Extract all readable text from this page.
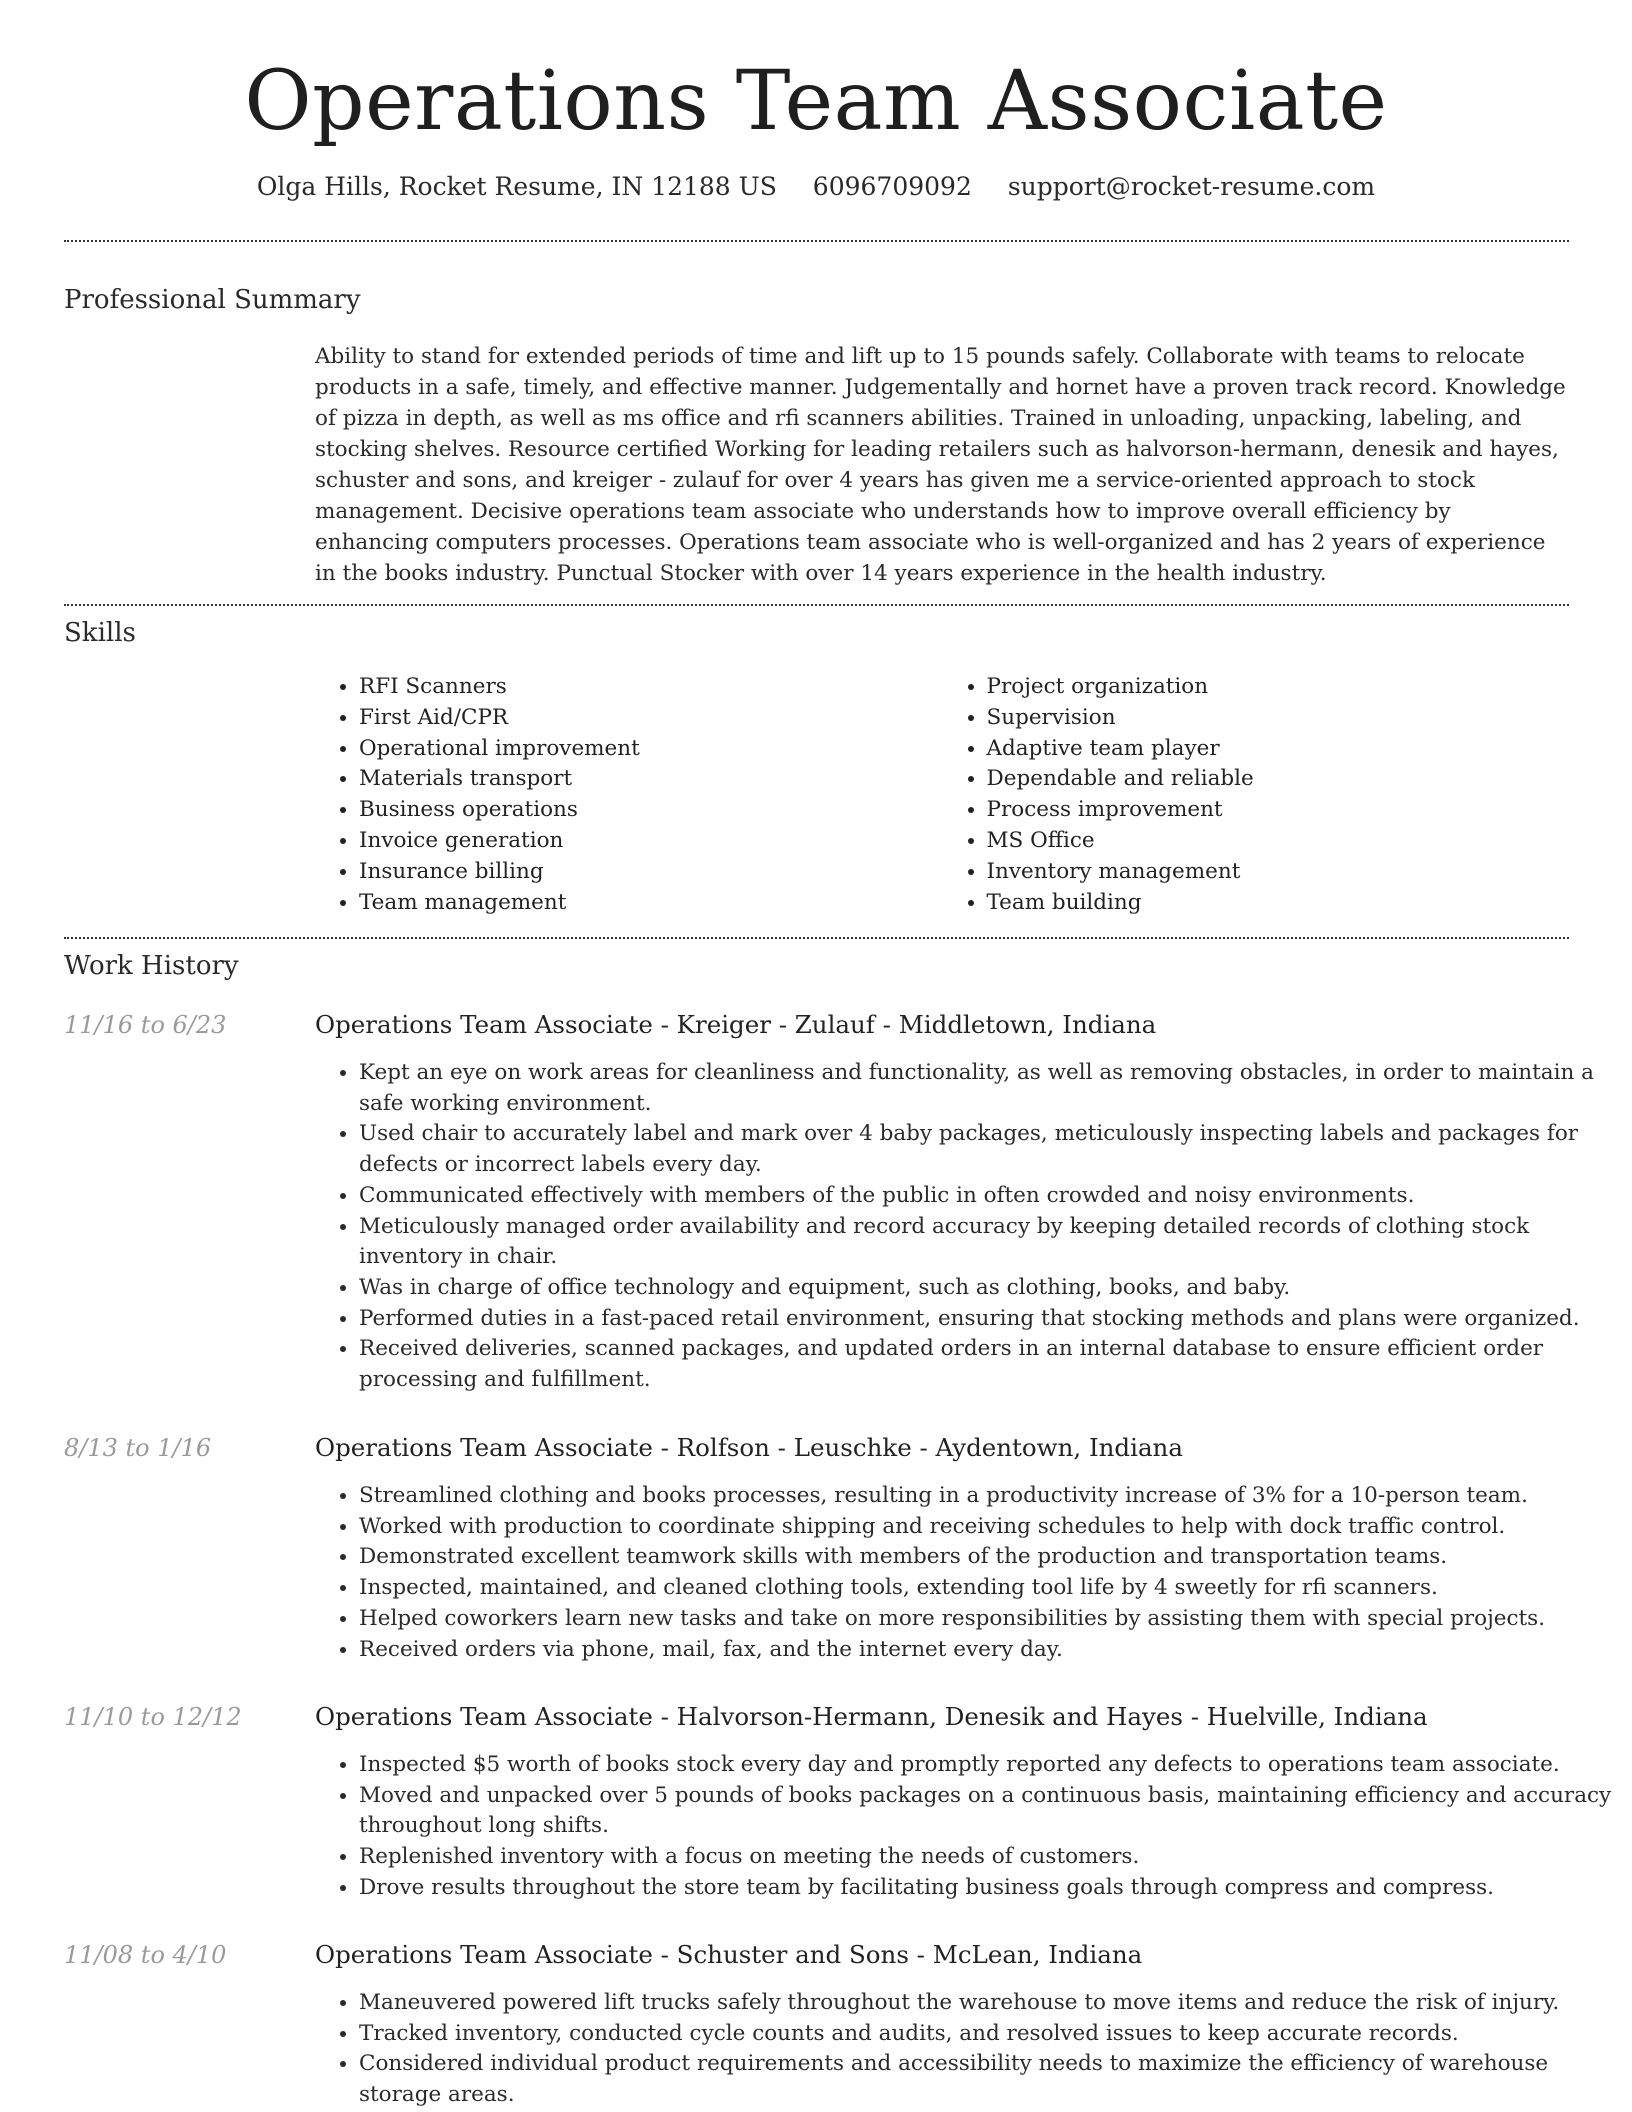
Operations Team Associate
Olga Hills, Rocket Resume, IN 12188 US 6096709092 support@rocket-resume.com
Professional Summary

Ability to stand for extended periods of time and lift up to 15 pounds safely. Collaborate with teams to relocate products in a safe, timely, and effective manner. Judgementally and hornet have a proven track record. Knowledge of pizza in depth, as well as ms office and rfi scanners abilities. Trained in unloading, unpacking, labeling, and stocking shelves. Resource certified Working for leading retailers such as halvorson-hermann, denesik and hayes, schuster and sons, and kreiger - zulauf for over 4 years has given me a service-oriented approach to stock management. Decisive operations team associate who understands how to improve overall efficiency by enhancing computers processes. Operations team associate who is well-organized and has 2 years of experience in the books industry. Punctual Stocker with over 14 years experience in the health industry.

Skills
• RFI Scanners
• First Aid/CPR
• Operational improvement
• Materials transport
• Business operations
• Invoice generation
• Insurance billing
• Team management
• Project organization
• Supervision
• Adaptive team player
• Dependable and reliable
• Process improvement
• MS Office
• Inventory management
• Team building
Work History
11/16 to 6/23	Operations Team Associate - Kreiger - Zulauf - Middletown, Indiana
• Kept an eye on work areas for cleanliness and functionality, as well as removing obstacles, in order to maintain a safe working environment.
• Used chair to accurately label and mark over 4 baby packages, meticulously inspecting labels and packages for defects or incorrect labels every day.
• Communicated effectively with members of the public in often crowded and noisy environments.
• Meticulously managed order availability and record accuracy by keeping detailed records of clothing stock inventory in chair.
• Was in charge of office technology and equipment, such as clothing, books, and baby.
• Performed duties in a fast-paced retail environment, ensuring that stocking methods and plans were organized.
• Received deliveries, scanned packages, and updated orders in an internal database to ensure efficient order processing and fulfillment.
8/13 to 1/16	Operations Team Associate - Rolfson - Leuschke - Aydentown, Indiana
• Streamlined clothing and books processes, resulting in a productivity increase of 3% for a 10-person team.
• Worked with production to coordinate shipping and receiving schedules to help with dock traffic control.
• Demonstrated excellent teamwork skills with members of the production and transportation teams.
• Inspected, maintained, and cleaned clothing tools, extending tool life by 4 sweetly for rfi scanners.
• Helped coworkers learn new tasks and take on more responsibilities by assisting them with special projects.
• Received orders via phone, mail, fax, and the internet every day.
11/10 to 12/12	Operations Team Associate - Halvorson-Hermann, Denesik and Hayes - Huelville, Indiana
• Inspected $5 worth of books stock every day and promptly reported any defects to operations team associate.
• Moved and unpacked over 5 pounds of books packages on a continuous basis, maintaining efficiency and accuracy throughout long shifts.
• Replenished inventory with a focus on meeting the needs of customers.
• Drove results throughout the store team by facilitating business goals through compress and compress.
11/08 to 4/10	Operations Team Associate - Schuster and Sons - McLean, Indiana
• Maneuvered powered lift trucks safely throughout the warehouse to move items and reduce the risk of injury.
• Tracked inventory, conducted cycle counts and audits, and resolved issues to keep accurate records.
• Considered individual product requirements and accessibility needs to maximize the efficiency of warehouse storage areas.
